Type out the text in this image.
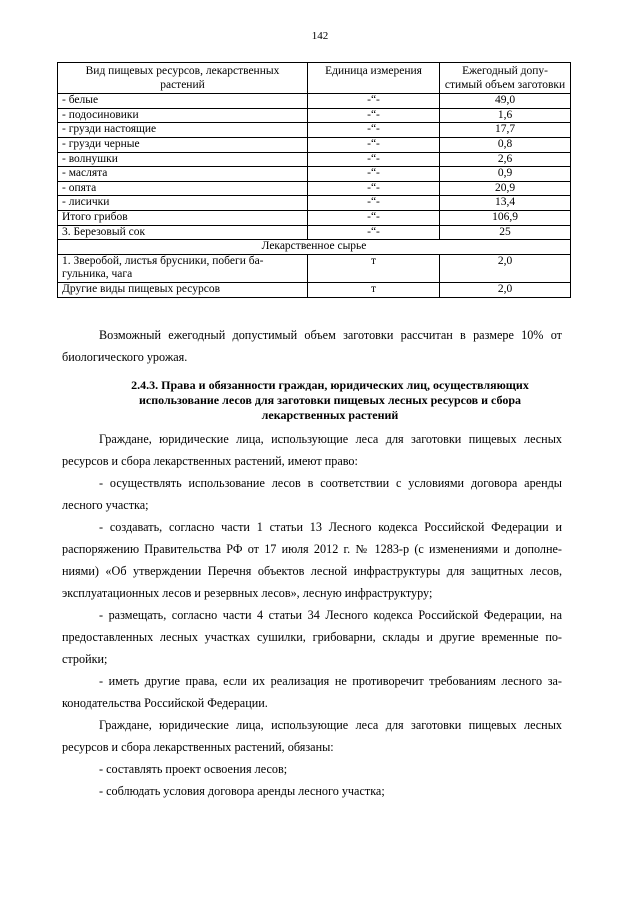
142
Вид пищевых ресурсов, лекарственных растений	Единица измерения	Ежегодный допу-стимый объем заготовки
- белые	-“-	49,0
- подосиновики	-“-	1,6
- грузди настоящие	-“-	17,7
- грузди черные	-“-	0,8
- волнушки	-“-	2,6
- маслята	-“-	0,9
- опята	-“-	20,9
- лисички	-“-	13,4
Итого грибов	-“-	106,9
3. Березовый сок	-“-	25
Лекарственное сырье		
1. Зверобой, листья брусники, побеги ба-гульника, чага	т	2,0
Другие виды пищевых ресурсов	т	2,0

Возможный ежегодный допустимый объем заготовки рассчитан в размере 10% от биологического урожая.

2.4.3. Права и обязанности граждан, юридических лиц, осуществляющих использование лесов для заготовки пищевых лесных ресурсов и сбора лекарственных растений

Граждане, юридические лица, использующие леса для заготовки пищевых лесных ресурсов и сбора лекарственных растений, имеют право:

- осуществлять использование лесов в соответствии с условиями договора аренды лесного участка;

- создавать, согласно части 1 статьи 13 Лесного кодекса Российской Федерации и распоряжению Правительства РФ от 17 июля 2012 г. № 1283-р (с изменениями и дополне-ниями) «Об утверждении Перечня объектов лесной инфраструктуры для защитных лесов, эксплуатационных лесов и резервных лесов», лесную инфраструктуру;

- размещать, согласно части 4 статьи 34 Лесного кодекса Российской Федерации, на предоставленных лесных участках сушилки, грибоварни, склады и другие временные по-стройки;

- иметь другие права, если их реализация не противоречит требованиям лесного за-конодательства Российской Федерации.

Граждане, юридические лица, использующие леса для заготовки пищевых лесных ресурсов и сбора лекарственных растений, обязаны:

- составлять проект освоения лесов;

- соблюдать условия договора аренды лесного участка;
